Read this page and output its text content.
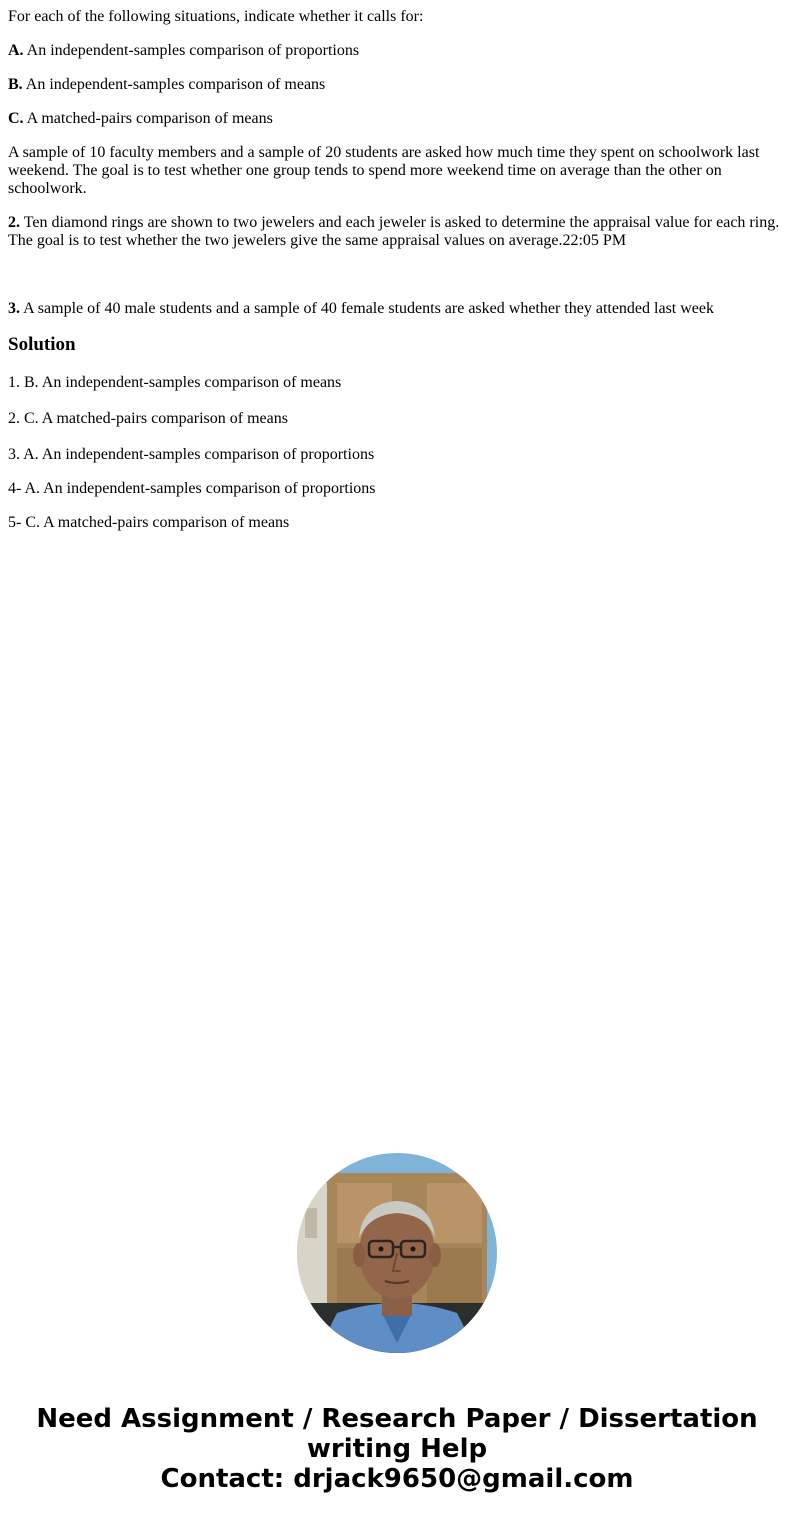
For each of the following situations, indicate whether it calls for:

A. An independent-samples comparison of proportions

B. An independent-samples comparison of means

C. A matched-pairs comparison of means

A sample of 10 faculty members and a sample of 20 students are asked how much time they spent on schoolwork last weekend. The goal is to test whether one group tends to spend more weekend time on average than the other on schoolwork.

2. Ten diamond rings are shown to two jewelers and each jeweler is asked to determine the appraisal value for each ring. The goal is to test whether the two jewelers give the same appraisal values on average.22:05 PM

3. A sample of 40 male students and a sample of 40 female students are asked whether they attended last week

Solution

1. B. An independent-samples comparison of means

2. C. A matched-pairs comparison of means

3. A. An independent-samples comparison of proportions

4- A. An independent-samples comparison of proportions

5- C. A matched-pairs comparison of means

Need Assignment / Research Paper / Dissertation
writing Help
Contact: drjack9650@gmail.com
